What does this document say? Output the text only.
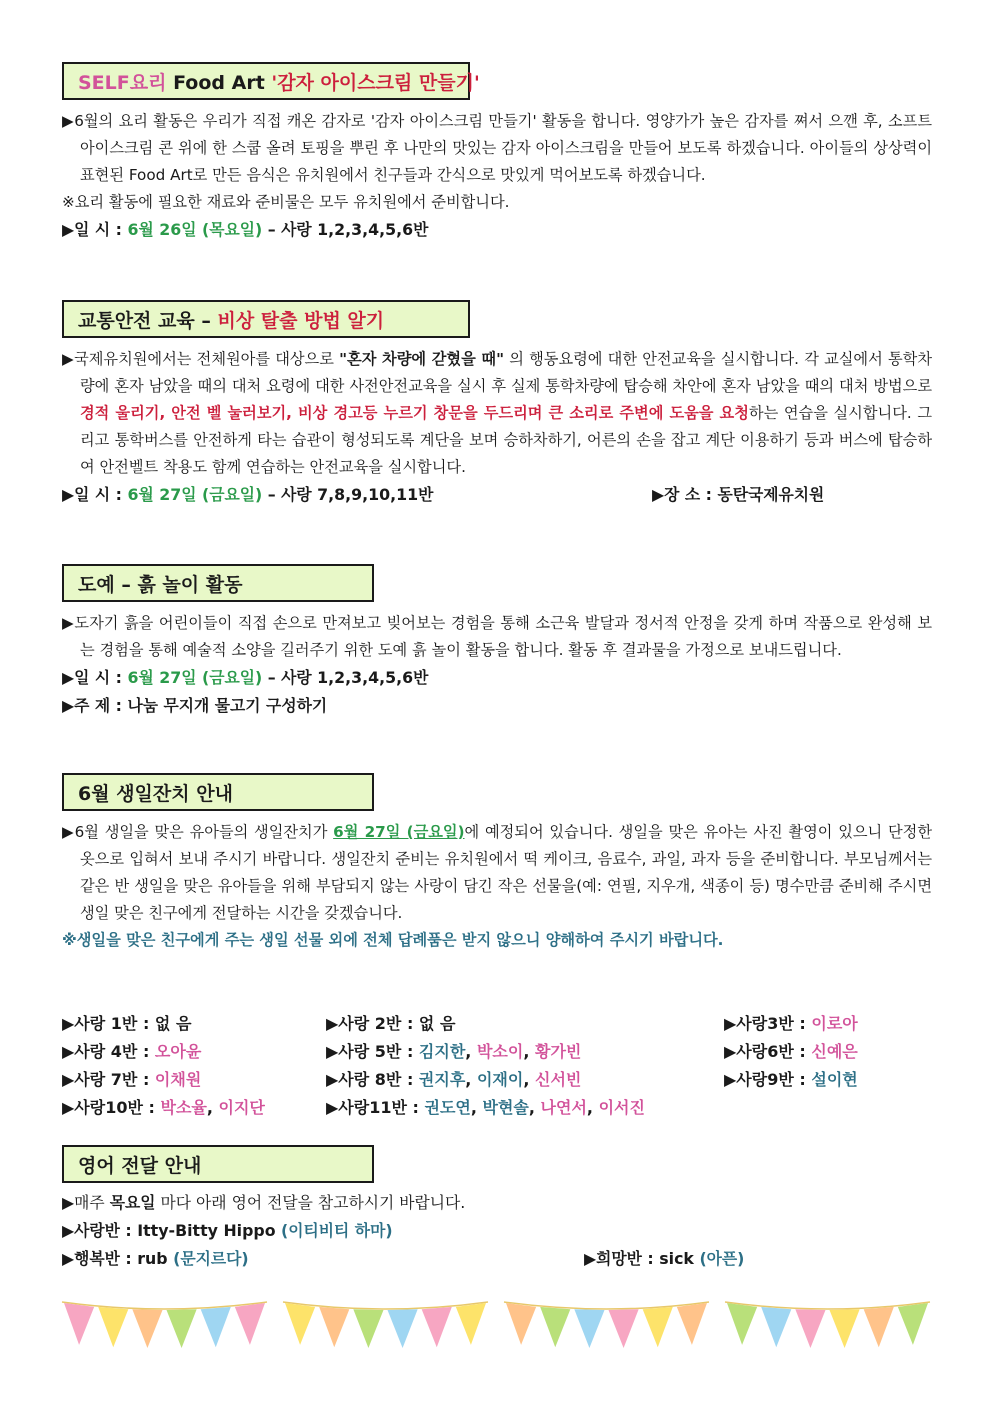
SELF요리 Food Art '감자 아이스크림 만들기'
▶6월의 요리 활동은 우리가 직접 캐온 감자로 '감자 아이스크림 만들기' 활동을 합니다. 영양가가 높은 감자를 쪄서 으깬 후, 소프트 아이스크림 콘 위에 한 스쿱 올려 토핑을 뿌린 후 나만의 맛있는 감자 아이스크림을 만들어 보도록 하겠습니다. 아이들의 상상력이 표현된 Food Art로 만든 음식은 유치원에서 친구들과 간식으로 맛있게 먹어보도록 하겠습니다.
※요리 활동에 필요한 재료와 준비물은 모두 유치원에서 준비합니다.
▶일 시 : 6월 26일 (목요일) – 사랑 1,2,3,4,5,6반
교통안전 교육 – 비상 탈출 방법 알기
▶국제유치원에서는 전체원아를 대상으로 "혼자 차량에 갇혔을 때" 의 행동요령에 대한 안전교육을 실시합니다. 각 교실에서 통학차량에 혼자 남았을 때의 대처 요령에 대한 사전안전교육을 실시 후 실제 통학차량에 탑승해 차안에 혼자 남았을 때의 대처 방법으로 경적 울리기, 안전 벨 눌러보기, 비상 경고등 누르기 창문을 두드리며 큰 소리로 주변에 도움을 요청하는 연습을 실시합니다. 그리고 통학버스를 안전하게 타는 습관이 형성되도록 계단을 보며 승하차하기, 어른의 손을 잡고 계단 이용하기 등과 버스에 탑승하여 안전벨트 착용도 함께 연습하는 안전교육을 실시합니다.
▶일 시 : 6월 27일 (금요일) – 사랑 7,8,9,10,11반	▶장 소 : 동탄국제유치원
도예 – 흙 놀이 활동
▶도자기 흙을 어린이들이 직접 손으로 만져보고 빚어보는 경험을 통해 소근육 발달과 정서적 안정을 갖게 하며 작품으로 완성해 보는 경험을 통해 예술적 소양을 길러주기 위한 도예 흙 놀이 활동을 합니다. 활동 후 결과물을 가정으로 보내드립니다.
▶일 시 : 6월 27일 (금요일) – 사랑 1,2,3,4,5,6반
▶주 제 : 나눔 무지개 물고기 구성하기
6월 생일잔치 안내
▶6월 생일을 맞은 유아들의 생일잔치가 6월 27일 (금요일)에 예정되어 있습니다. 생일을 맞은 유아는 사진 촬영이 있으니 단정한 옷으로 입혀서 보내 주시기 바랍니다. 생일잔치 준비는 유치원에서 떡 케이크, 음료수, 과일, 과자 등을 준비합니다. 부모님께서는 같은 반 생일을 맞은 유아들을 위해 부담되지 않는 사랑이 담긴 작은 선물을(예: 연필, 지우개, 색종이 등) 명수만큼 준비해 주시면 생일 맞은 친구에게 전달하는 시간을 갖겠습니다.
※생일을 맞은 친구에게 주는 생일 선물 외에 전체 답례품은 받지 않으니 양해하여 주시기 바랍니다.
▶사랑 1반 : 없 음	▶사랑 2반 : 없 음	▶사랑3반 : 이로아
▶사랑 4반 : 오아윤	▶사랑 5반 : 김지한, 박소이, 황가빈	▶사랑6반 : 신예은
▶사랑 7반 : 이채원	▶사랑 8반 : 권지후, 이재이, 신서빈	▶사랑9반 : 설이현
▶사랑10반 : 박소율, 이지단	▶사랑11반 : 권도연, 박현솔, 나연서, 이서진
영어 전달 안내
▶매주 목요일 마다 아래 영어 전달을 참고하시기 바랍니다.
▶사랑반 : Itty-Bitty Hippo (이티비티 하마)
▶행복반 : rub (문지르다)	▶희망반 : sick (아픈)
